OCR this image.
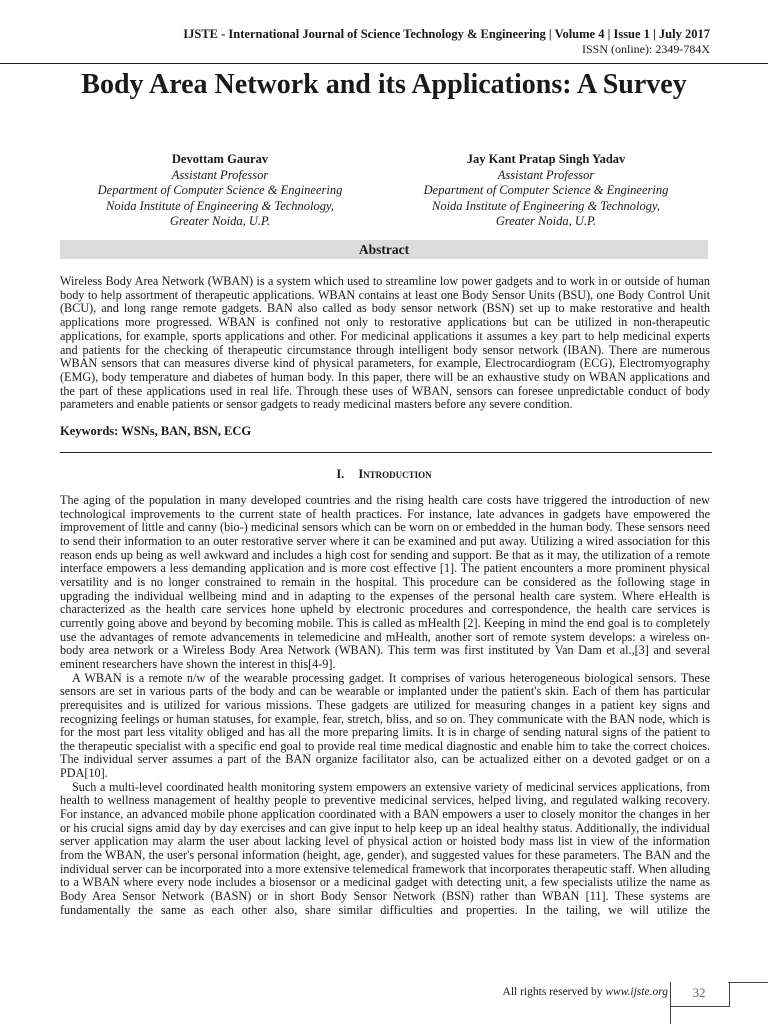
IJSTE - International Journal of Science Technology & Engineering | Volume 4 | Issue 1 | July 2017
ISSN (online): 2349-784X
Body Area Network and its Applications: A Survey
Devottam Gaurav
Assistant Professor
Department of Computer Science & Engineering
Noida Institute of Engineering & Technology,
Greater Noida, U.P.
Jay Kant Pratap Singh Yadav
Assistant Professor
Department of Computer Science & Engineering
Noida Institute of Engineering & Technology,
Greater Noida, U.P.
Abstract

Wireless Body Area Network (WBAN) is a system which used to streamline low power gadgets and to work in or outside of human body to help assortment of therapeutic applications. WBAN contains at least one Body Sensor Units (BSU), one Body Control Unit (BCU), and long range remote gadgets. BAN also called as body sensor network (BSN) set up to make restorative and health applications more progressed. WBAN is confined not only to restorative applications but can be utilized in non-therapeutic applications, for example, sports applications and other. For medicinal applications it assumes a key part to help medicinal experts and patients for the checking of therapeutic circumstance through intelligent body sensor network (IBAN). There are numerous WBAN sensors that can measures diverse kind of physical parameters, for example, Electrocardiogram (ECG), Electromyography (EMG), body temperature and diabetes of human body. In this paper, there will be an exhaustive study on WBAN applications and the part of these applications used in real life. Through these uses of WBAN, sensors can foresee unpredictable conduct of body parameters and enable patients or sensor gadgets to ready medicinal masters before any severe condition.

Keywords: WSNs, BAN, BSN, ECG
I. Introduction

The aging of the population in many developed countries and the rising health care costs have triggered the introduction of new technological improvements to the current state of health practices. For instance, late advances in gadgets have empowered the improvement of little and canny (bio-) medicinal sensors which can be worn on or embedded in the human body. These sensors need to send their information to an outer restorative server where it can be examined and put away. Utilizing a wired association for this reason ends up being as well awkward and includes a high cost for sending and support. Be that as it may, the utilization of a remote interface empowers a less demanding application and is more cost effective [1]. The patient encounters a more prominent physical versatility and is no longer constrained to remain in the hospital. This procedure can be considered as the following stage in upgrading the individual wellbeing mind and in adapting to the expenses of the personal health care system. Where eHealth is characterized as the health care services hone upheld by electronic procedures and correspondence, the health care services is currently going above and beyond by becoming mobile. This is called as mHealth [2]. Keeping in mind the end goal is to completely use the advantages of remote advancements in telemedicine and mHealth, another sort of remote system develops: a wireless on-body area network or a Wireless Body Area Network (WBAN). This term was first instituted by Van Dam et al.,[3] and several eminent researchers have shown the interest in this[4-9].

A WBAN is a remote n/w of the wearable processing gadget. It comprises of various heterogeneous biological sensors. These sensors are set in various parts of the body and can be wearable or implanted under the patient's skin. Each of them has particular prerequisites and is utilized for various missions. These gadgets are utilized for measuring changes in a patient key signs and recognizing feelings or human statuses, for example, fear, stretch, bliss, and so on. They communicate with the BAN node, which is for the most part less vitality obliged and has all the more preparing limits. It is in charge of sending natural signs of the patient to the therapeutic specialist with a specific end goal to provide real time medical diagnostic and enable him to take the correct choices. The individual server assumes a part of the BAN organize facilitator also, can be actualized either on a devoted gadget or on a PDA[10].

Such a multi-level coordinated health monitoring system empowers an extensive variety of medicinal services applications, from health to wellness management of healthy people to preventive medicinal services, helped living, and regulated walking recovery. For instance, an advanced mobile phone application coordinated with a BAN empowers a user to closely monitor the changes in her or his crucial signs amid day by day exercises and can give input to help keep up an ideal healthy status. Additionally, the individual server application may alarm the user about lacking level of physical action or hoisted body mass list in view of the information from the WBAN, the user's personal information (height, age, gender), and suggested values for these parameters. The BAN and the individual server can be incorporated into a more extensive telemedical framework that incorporates therapeutic staff. When alluding to a WBAN where every node includes a biosensor or a medicinal gadget with detecting unit, a few specialists utilize the name as Body Area Sensor Network (BASN) or in short Body Sensor Network (BSN) rather than WBAN [11]. These systems are fundamentally the same as each other also, share similar difficulties and properties. In the tailing, we will utilize the

All rights reserved by www.ijste.org	32
